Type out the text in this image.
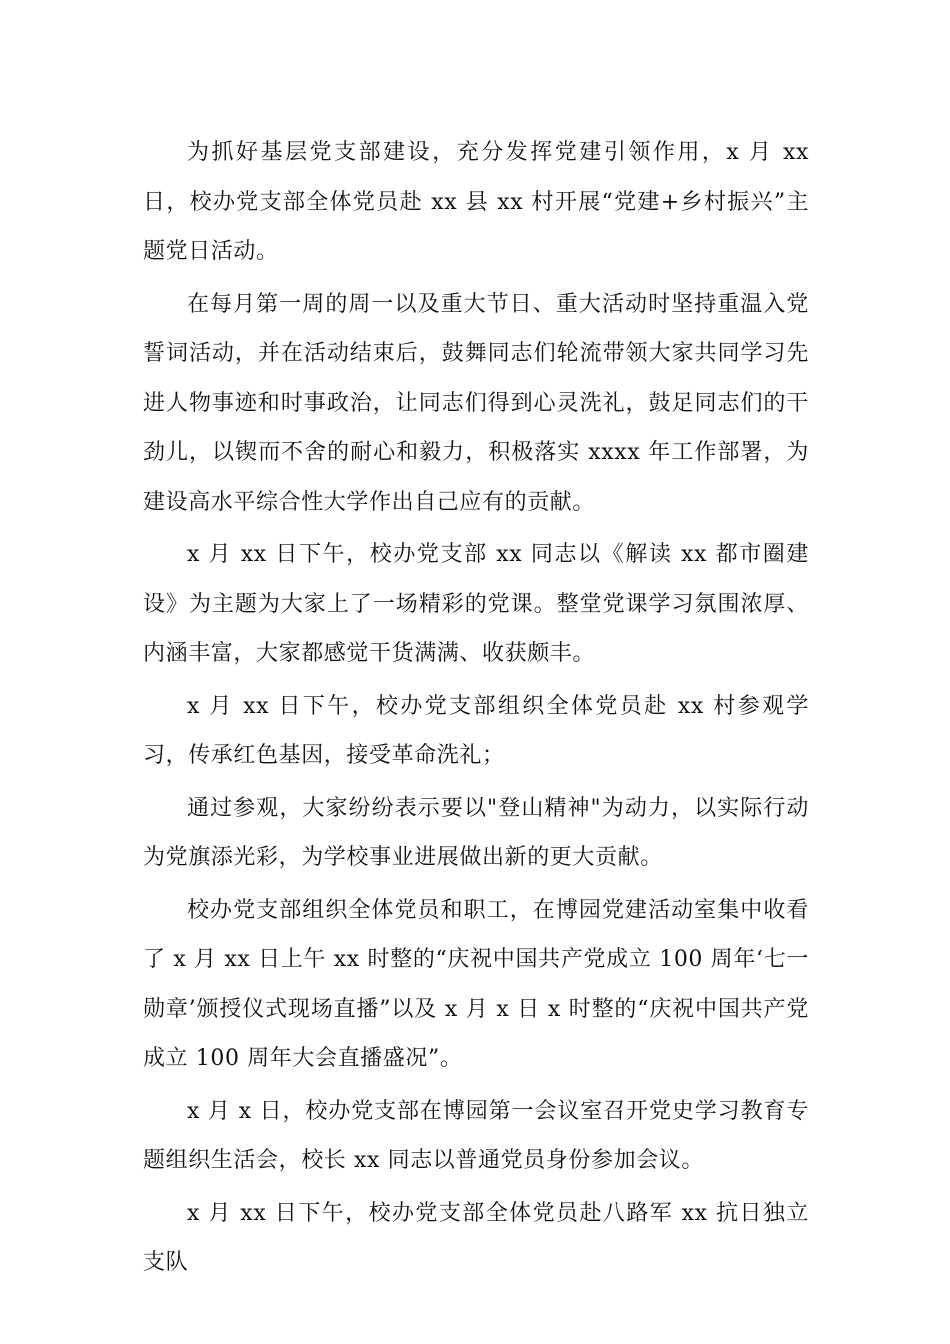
为抓好基层党支部建设，充分发挥党建引领作用，x 月 xx 日，校办党支部全体党员赴 xx 县 xx 村开展“党建+乡村振兴”主题党日活动。

在每月第一周的周一以及重大节日、重大活动时坚持重温入党誓词活动，并在活动结束后，鼓舞同志们轮流带领大家共同学习先进人物事迹和时事政治，让同志们得到心灵洗礼，鼓足同志们的干劲儿，以锲而不舍的耐心和毅力，积极落实 xxxx 年工作部署，为建设高水平综合性大学作出自己应有的贡献。

x 月 xx 日下午，校办党支部 xx 同志以《解读 xx 都市圈建设》为主题为大家上了一场精彩的党课。整堂党课学习氛围浓厚、内涵丰富，大家都感觉干货满满、收获颇丰。

x 月 xx 日下午，校办党支部组织全体党员赴 xx 村参观学习，传承红色基因，接受革命洗礼；

通过参观，大家纷纷表示要以"登山精神"为动力，以实际行动为党旗添光彩，为学校事业进展做出新的更大贡献。

校办党支部组织全体党员和职工，在博园党建活动室集中收看了 x 月 xx 日上午 xx 时整的“庆祝中国共产党成立 100 周年‘七一勋章’颁授仪式现场直播”以及 x 月 x 日 x 时整的“庆祝中国共产党成立 100 周年大会直播盛况”。

x 月 x 日，校办党支部在博园第一会议室召开党史学习教育专题组织生活会，校长 xx 同志以普通党员身份参加会议。

x 月 xx 日下午，校办党支部全体党员赴八路军 xx 抗日独立支队
